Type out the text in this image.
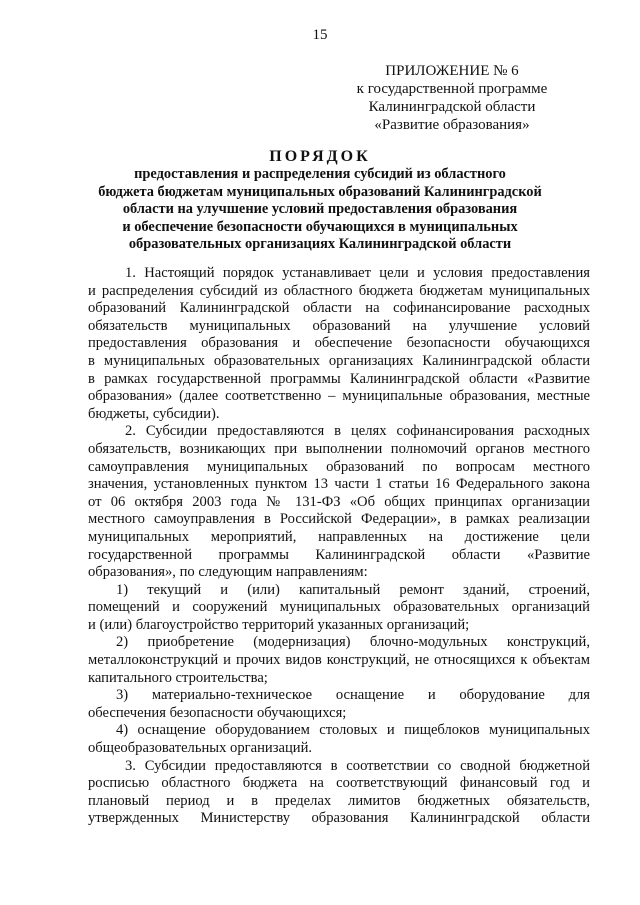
15
ПРИЛОЖЕНИЕ № 6
к государственной программе
Калининградской области
«Развитие образования»
ПОРЯДОК
предоставления и распределения субсидий из областного
бюджета бюджетам муниципальных образований Калининградской
области на улучшение условий предоставления образования
и обеспечение безопасности обучающихся в муниципальных
образовательных организациях Калининградской области
1. Настоящий порядок устанавливает цели и условия предоставления
и распределения субсидий из областного бюджета бюджетам муниципальных
образований Калининградской области на софинансирование расходных
обязательств муниципальных образований на улучшение условий
предоставления образования и обеспечение безопасности обучающихся
в муниципальных образовательных организациях Калининградской области
в рамках государственной программы Калининградской области «Развитие
образования» (далее соответственно – муниципальные образования, местные
бюджеты, субсидии).
2. Субсидии предоставляются в целях софинансирования расходных
обязательств, возникающих при выполнении полномочий органов местного
самоуправления муниципальных образований по вопросам местного
значения, установленных пунктом 13 части 1 статьи 16 Федерального закона
от 06 октября 2003 года № 131-ФЗ «Об общих принципах организации
местного самоуправления в Российской Федерации», в рамках реализации
муниципальных мероприятий, направленных на достижение цели
государственной программы Калининградской области «Развитие
образования», по следующим направлениям:
1) текущий и (или) капитальный ремонт зданий, строений,
помещений и сооружений муниципальных образовательных организаций
и (или) благоустройство территорий указанных организаций;
2) приобретение (модернизация) блочно-модульных конструкций,
металлоконструкций и прочих видов конструкций, не относящихся к объектам
капитального строительства;
3) материально-техническое оснащение и оборудование для
обеспечения безопасности обучающихся;
4) оснащение оборудованием столовых и пищеблоков муниципальных
общеобразовательных организаций.
3. Субсидии предоставляются в соответствии со сводной бюджетной
росписью областного бюджета на соответствующий финансовый год и
плановый период и в пределах лимитов бюджетных обязательств,
утвержденных Министерству образования Калининградской области
